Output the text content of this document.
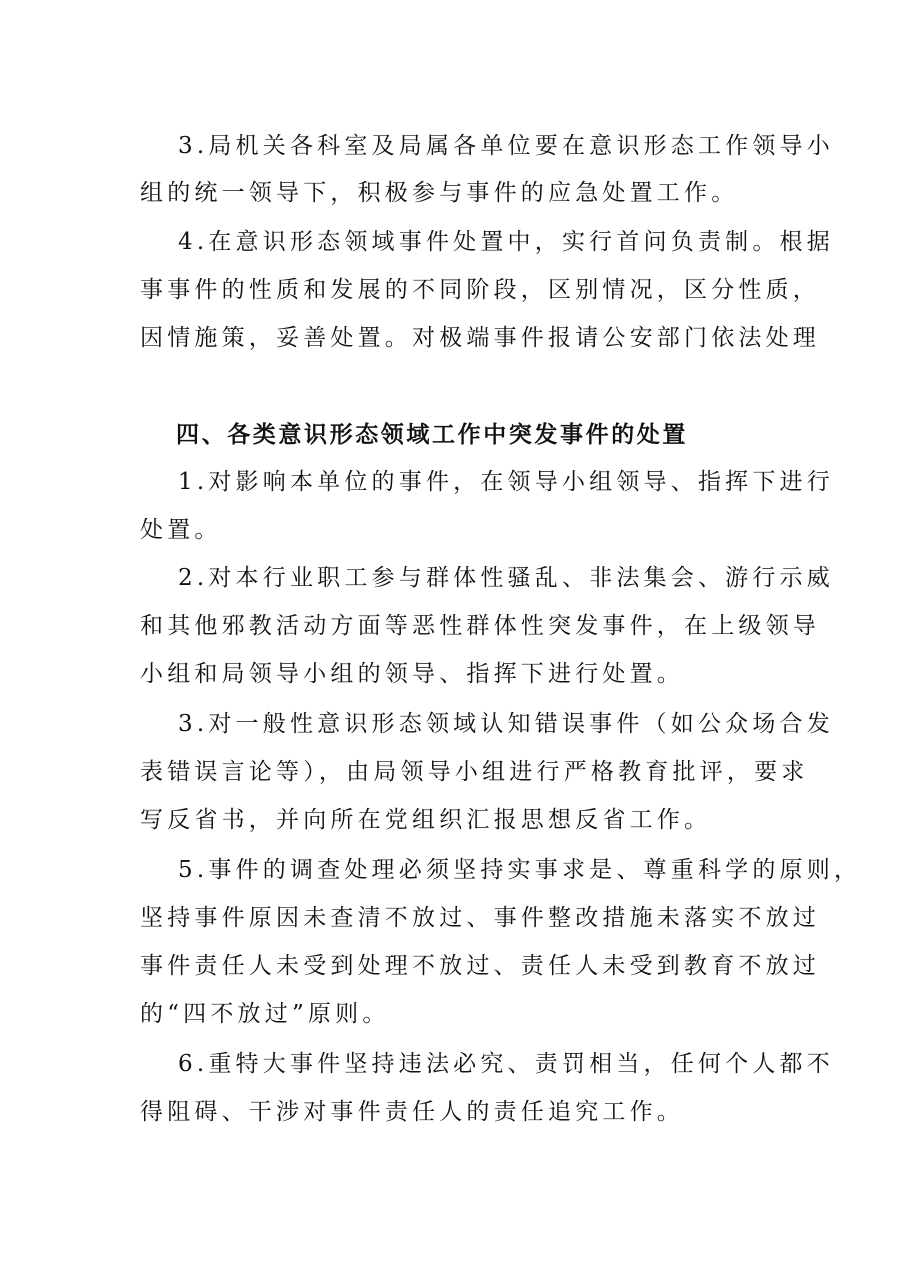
3.局机关各科室及局属各单位要在意识形态工作领导小
组的统一领导下，积极参与事件的应急处置工作。
4.在意识形态领域事件处置中，实行首问负责制。根据
事事件的性质和发展的不同阶段，区别情况，区分性质，
因情施策，妥善处置。对极端事件报请公安部门依法处理
四、各类意识形态领域工作中突发事件的处置
1.对影响本单位的事件，在领导小组领导、指挥下进行
处置。
2.对本行业职工参与群体性骚乱、非法集会、游行示威
和其他邪教活动方面等恶性群体性突发事件，在上级领导
小组和局领导小组的领导、指挥下进行处置。
3.对一般性意识形态领域认知错误事件（如公众场合发
表错误言论等），由局领导小组进行严格教育批评，要求
写反省书，并向所在党组织汇报思想反省工作。
5.事件的调查处理必须坚持实事求是、尊重科学的原则，
坚持事件原因未查清不放过、事件整改措施未落实不放过
事件责任人未受到处理不放过、责任人未受到教育不放过
的“四不放过”原则。
6.重特大事件坚持违法必究、责罚相当，任何个人都不
得阻碍、干涉对事件责任人的责任追究工作。
